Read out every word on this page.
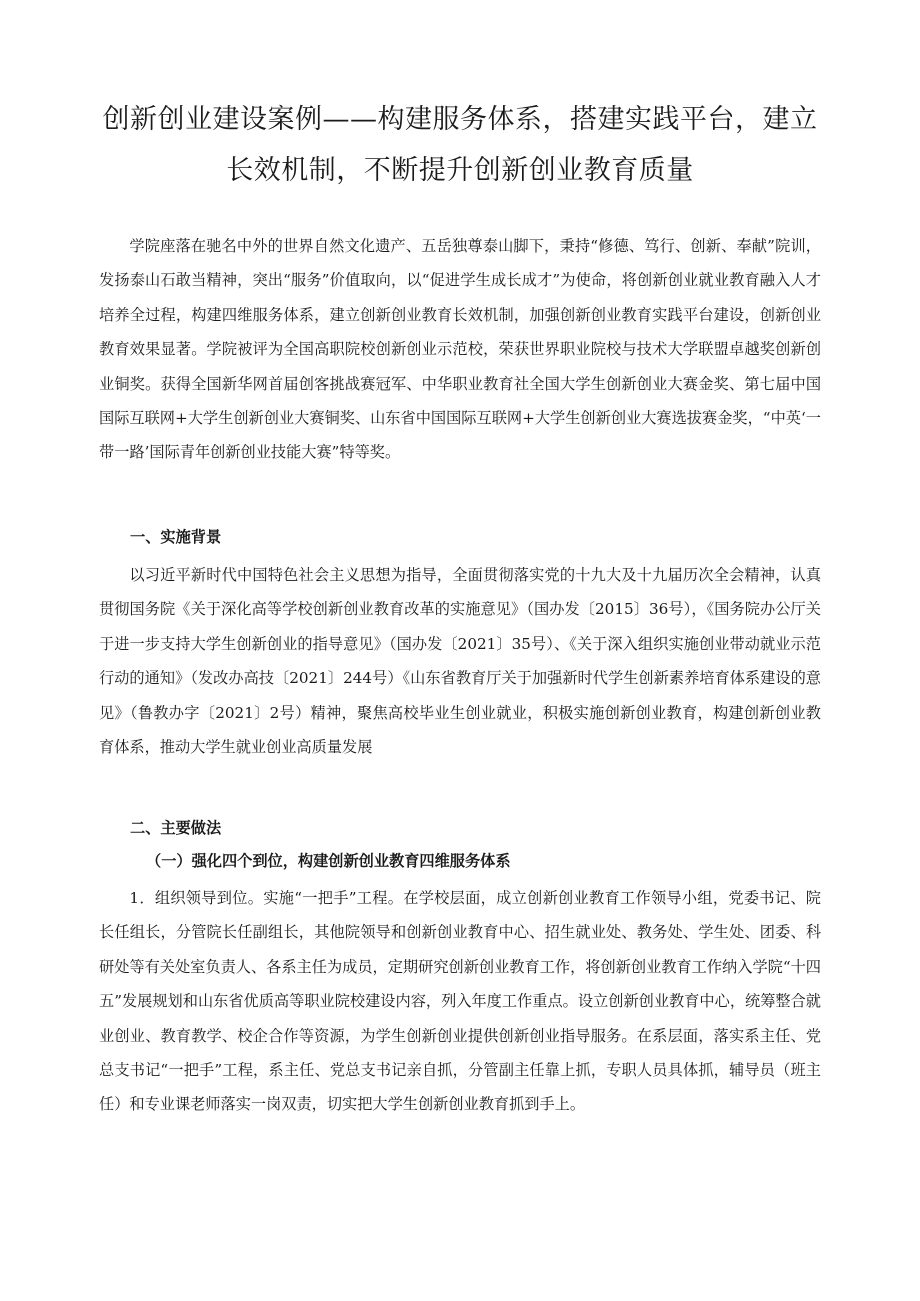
创新创业建设案例——构建服务体系，搭建实践平台，建立
长效机制，不断提升创新创业教育质量

学院座落在驰名中外的世界自然文化遗产、五岳独尊泰山脚下，秉持“修德、笃行、创新、奉献”院训，发扬泰山石敢当精神，突出“服务”价值取向，以“促进学生成长成才”为使命，将创新创业就业教育融入人才培养全过程，构建四维服务体系，建立创新创业教育长效机制，加强创新创业教育实践平台建设，创新创业教育效果显著。学院被评为全国高职院校创新创业示范校，荣获世界职业院校与技术大学联盟卓越奖创新创业铜奖。获得全国新华网首届创客挑战赛冠军、中华职业教育社全国大学生创新创业大赛金奖、第七届中国国际互联网+大学生创新创业大赛铜奖、山东省中国国际互联网+大学生创新创业大赛选拔赛金奖，“中英‘一带一路’国际青年创新创业技能大赛”特等奖。

一、实施背景

以习近平新时代中国特色社会主义思想为指导，全面贯彻落实党的十九大及十九届历次全会精神，认真贯彻国务院《关于深化高等学校创新创业教育改革的实施意见》（国办发〔2015〕36号），《国务院办公厅关于进一步支持大学生创新创业的指导意见》（国办发〔2021〕35号）、《关于深入组织实施创业带动就业示范行动的通知》（发改办高技〔2021〕244号）《山东省教育厅关于加强新时代学生创新素养培育体系建设的意见》（鲁教办字〔2021〕2号）精神，聚焦高校毕业生创业就业，积极实施创新创业教育，构建创新创业教育体系，推动大学生就业创业高质量发展

二、主要做法
（一）强化四个到位，构建创新创业教育四维服务体系

1．组织领导到位。实施“一把手”工程。在学校层面，成立创新创业教育工作领导小组，党委书记、院长任组长，分管院长任副组长，其他院领导和创新创业教育中心、招生就业处、教务处、学生处、团委、科研处等有关处室负责人、各系主任为成员，定期研究创新创业教育工作，将创新创业教育工作纳入学院“十四五”发展规划和山东省优质高等职业院校建设内容，列入年度工作重点。设立创新创业教育中心，统筹整合就业创业、教育教学、校企合作等资源，为学生创新创业提供创新创业指导服务。在系层面，落实系主任、党总支书记“一把手”工程，系主任、党总支书记亲自抓，分管副主任靠上抓，专职人员具体抓，辅导员（班主任）和专业课老师落实一岗双责，切实把大学生创新创业教育抓到手上。
